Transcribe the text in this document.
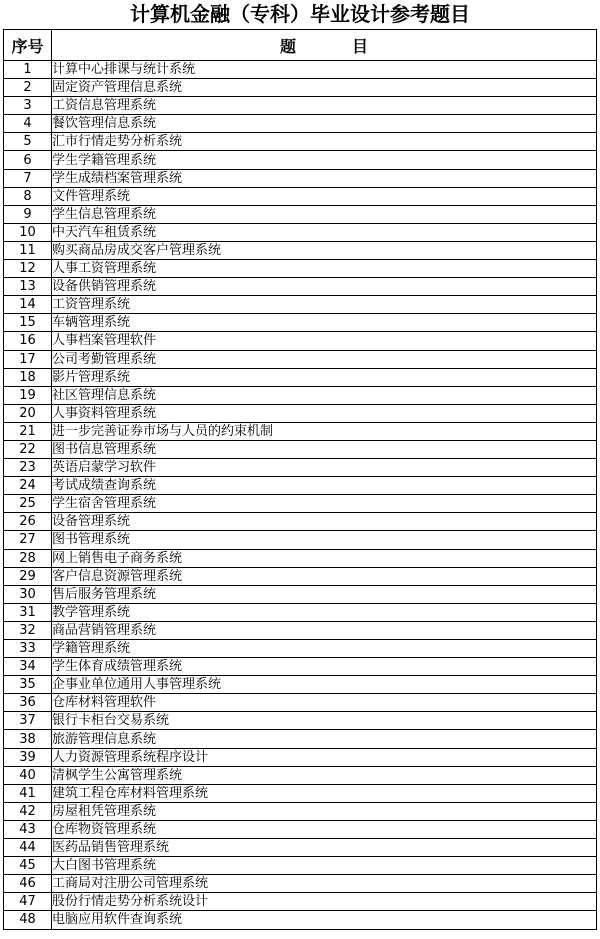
计算机金融（专科）毕业设计参考题目
序号	题目
1	计算中心排课与统计系统
2	固定资产管理信息系统
3	工资信息管理系统
4	餐饮管理信息系统
5	汇市行情走势分析系统
6	学生学籍管理系统
7	学生成绩档案管理系统
8	文件管理系统
9	学生信息管理系统
10	中天汽车租赁系统
11	购买商品房成交客户管理系统
12	人事工资管理系统
13	设备供销管理系统
14	工资管理系统
15	车辆管理系统
16	人事档案管理软件
17	公司考勤管理系统
18	影片管理系统
19	社区管理信息系统
20	人事资料管理系统
21	进一步完善证券市场与人员的约束机制
22	图书信息管理系统
23	英语启蒙学习软件
24	考试成绩查询系统
25	学生宿舍管理系统
26	设备管理系统
27	图书管理系统
28	网上销售电子商务系统
29	客户信息资源管理系统
30	售后服务管理系统
31	教学管理系统
32	商品营销管理系统
33	学籍管理系统
34	学生体育成绩管理系统
35	企事业单位通用人事管理系统
36	仓库材料管理软件
37	银行卡柜台交易系统
38	旅游管理信息系统
39	人力资源管理系统程序设计
40	清枫学生公寓管理系统
41	建筑工程仓库材料管理系统
42	房屋租凭管理系统
43	仓库物资管理系统
44	医药品销售管理系统
45	大白图书管理系统
46	工商局对注册公司管理系统
47	股份行情走势分析系统设计
48	电脑应用软件查询系统
